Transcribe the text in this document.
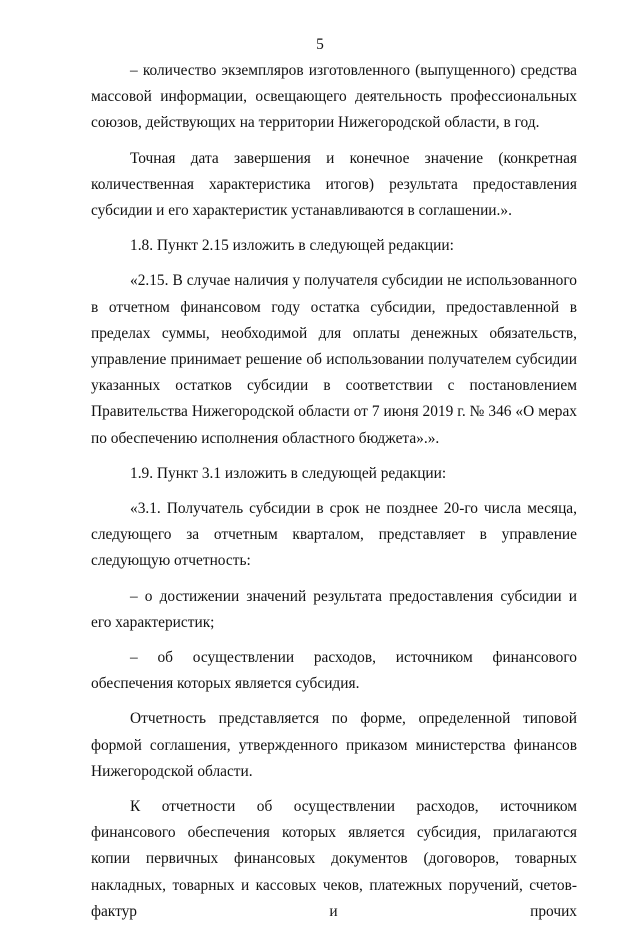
5

– количество экземпляров изготовленного (выпущенного) средства массовой информации, освещающего деятельность профессиональных союзов, действующих на территории Нижегородской области, в год.

Точная дата завершения и конечное значение (конкретная количественная характеристика итогов) результата предоставления субсидии и его характеристик устанавливаются в соглашении.».

1.8. Пункт 2.15 изложить в следующей редакции:

«2.15. В случае наличия у получателя субсидии не использованного в отчетном финансовом году остатка субсидии, предоставленной в пределах суммы, необходимой для оплаты денежных обязательств, управление принимает решение об использовании получателем субсидии указанных остатков субсидии в соответствии с постановлением Правительства Нижегородской области от 7 июня 2019 г. № 346 «О мерах по обеспечению исполнения областного бюджета».».

1.9. Пункт 3.1 изложить в следующей редакции:

«3.1. Получатель субсидии в срок не позднее 20-го числа месяца, следующего за отчетным кварталом, представляет в управление следующую отчетность:

– о достижении значений результата предоставления субсидии и его характеристик;

– об осуществлении расходов, источником финансового обеспечения которых является субсидия.

Отчетность представляется по форме, определенной типовой формой соглашения, утвержденного приказом министерства финансов Нижегородской области.

К отчетности об осуществлении расходов, источником финансового обеспечения которых является субсидия, прилагаются копии первичных финансовых документов (договоров, товарных накладных, товарных и кассовых чеков, платежных поручений, счетов-фактур и прочих
